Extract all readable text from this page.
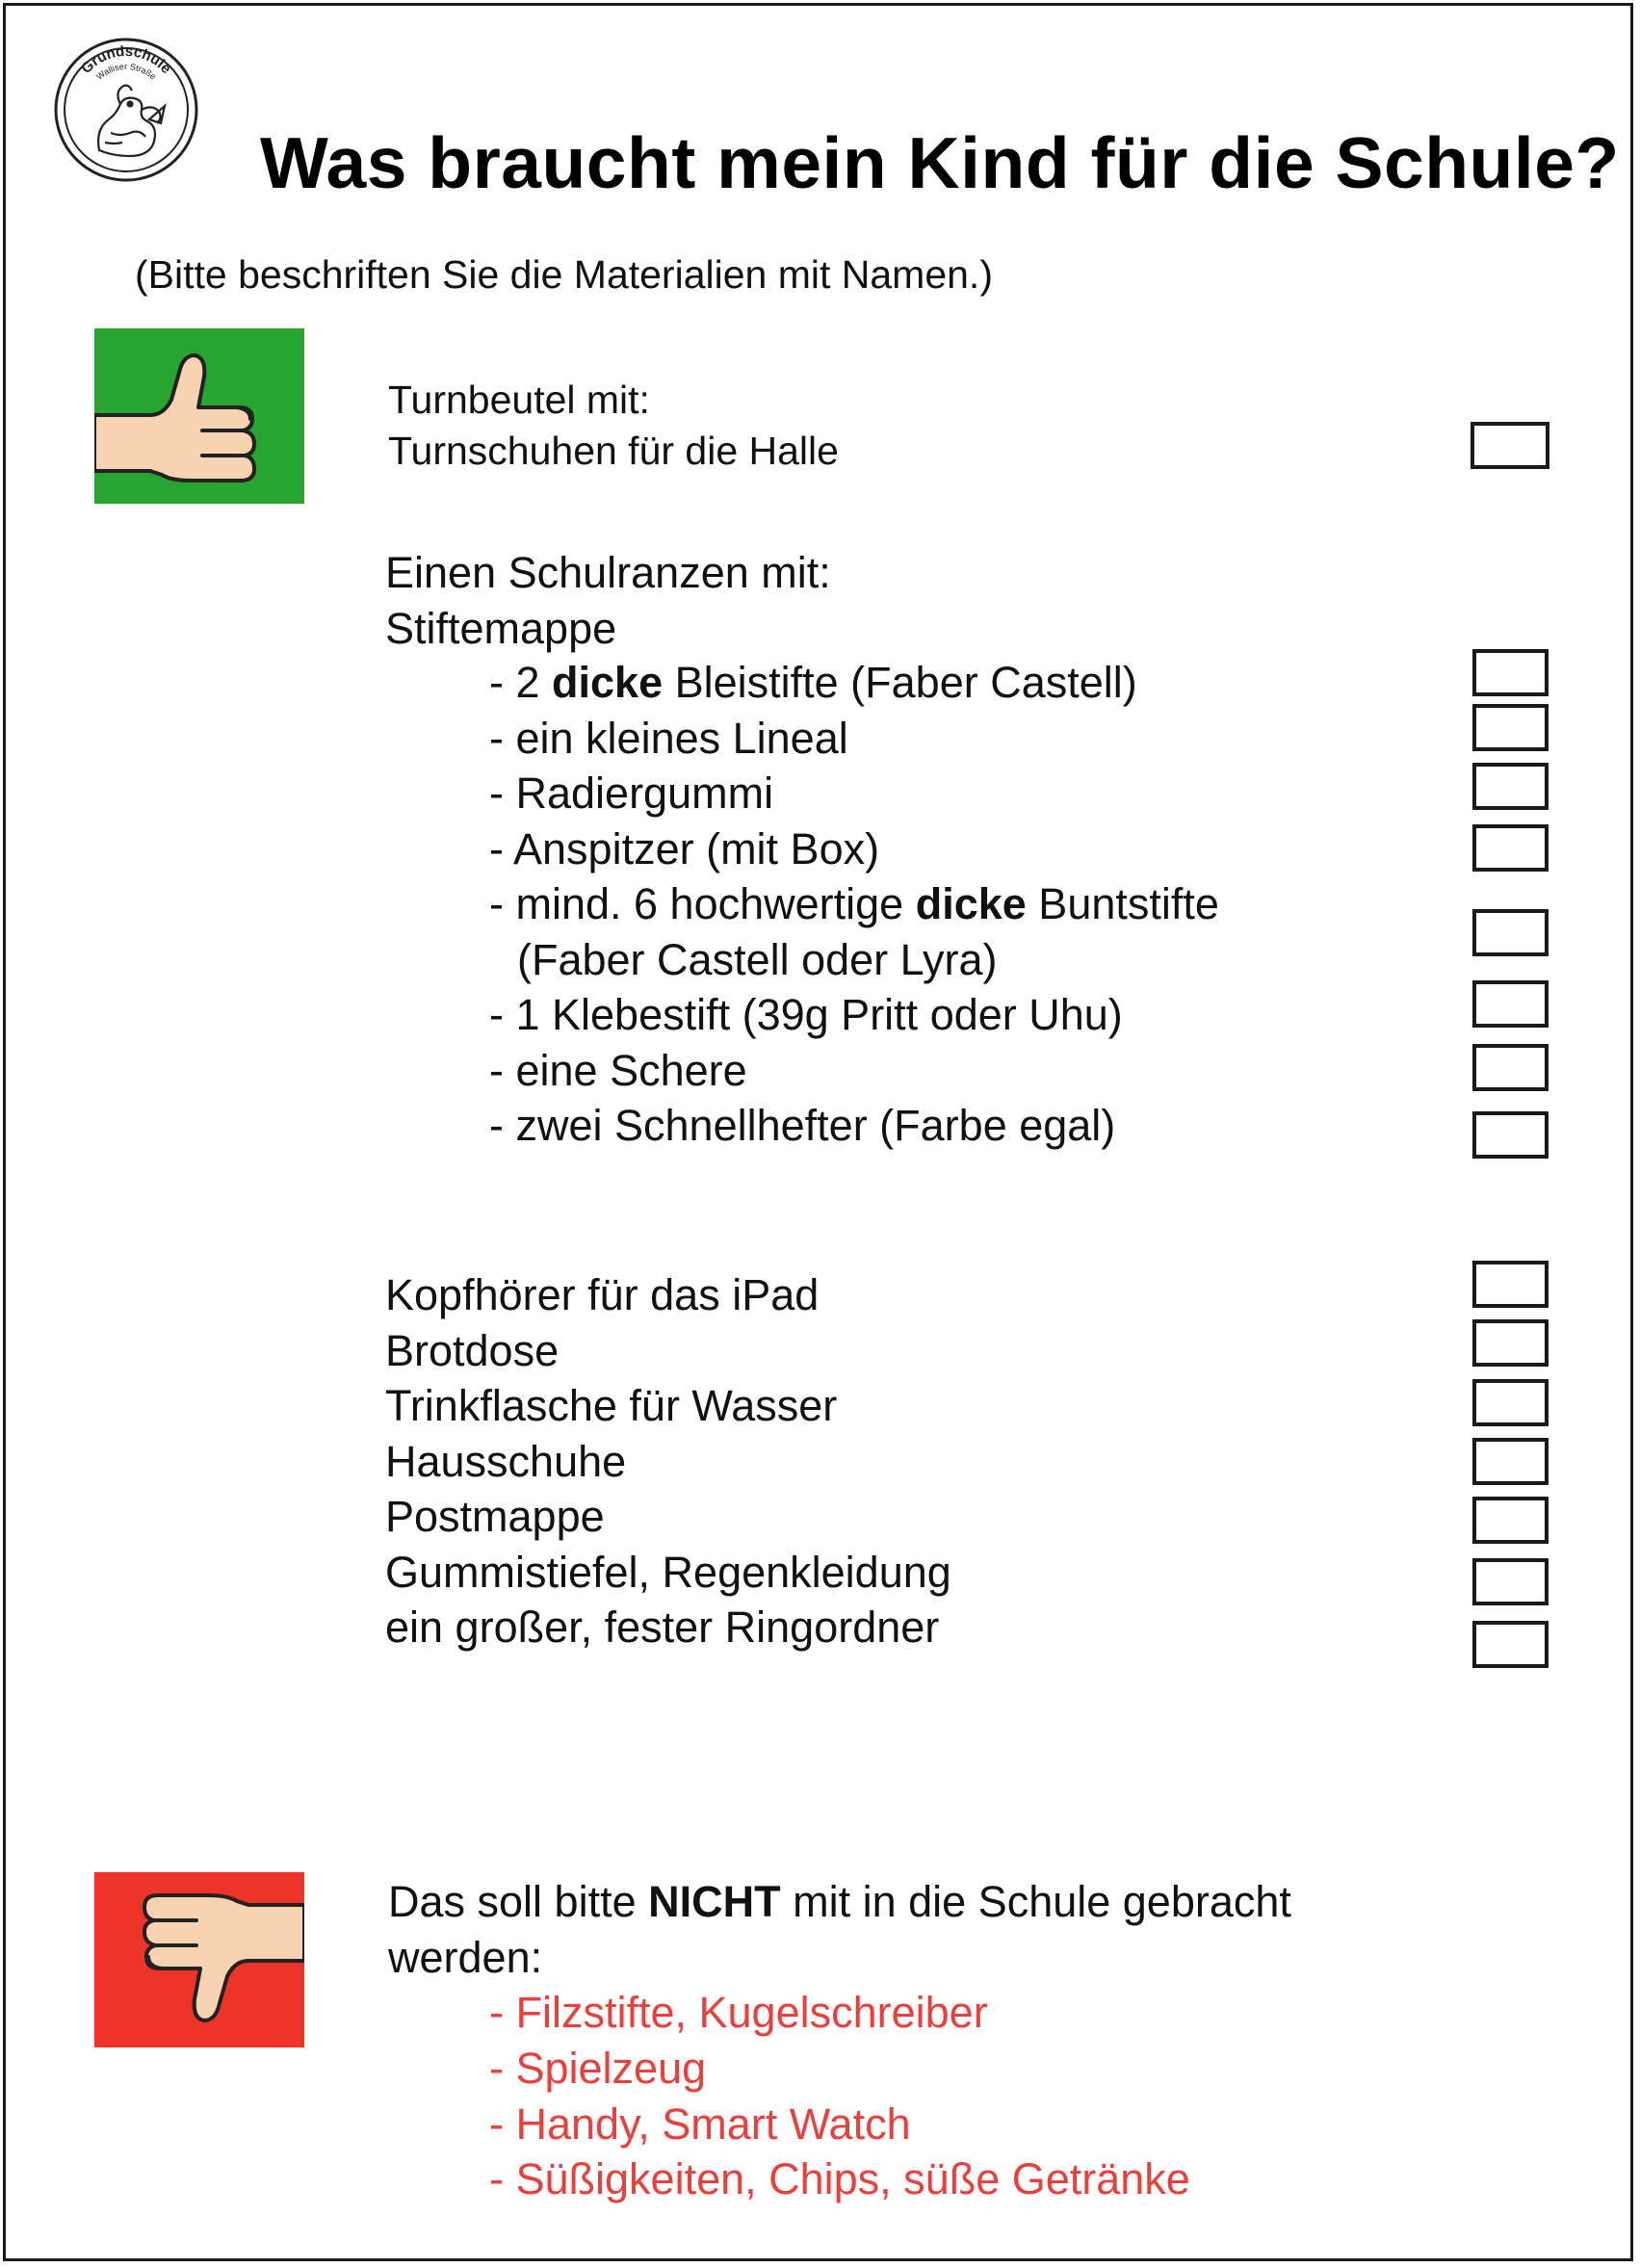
Grundschule
Walliser Straße
Was braucht mein Kind für die Schule?
(Bitte beschriften Sie die Materialien mit Namen.)
Turnbeutel mit:
Turnschuhen für die Halle
Einen Schulranzen mit:
Stiftemappe
- 2 dicke Bleistifte (Faber Castell)
- ein kleines Lineal
- Radiergummi
- Anspitzer (mit Box)
- mind. 6 hochwertige dicke Buntstifte
(Faber Castell oder Lyra)
- 1 Klebestift (39g Pritt oder Uhu)
- eine Schere
- zwei Schnellhefter (Farbe egal)
Kopfhörer für das iPad
Brotdose
Trinkflasche für Wasser
Hausschuhe
Postmappe
Gummistiefel, Regenkleidung
ein großer, fester Ringordner
Das soll bitte NICHT mit in die Schule gebracht
werden:
- Filzstifte, Kugelschreiber
- Spielzeug
- Handy, Smart Watch
- Süßigkeiten, Chips, süße Getränke
